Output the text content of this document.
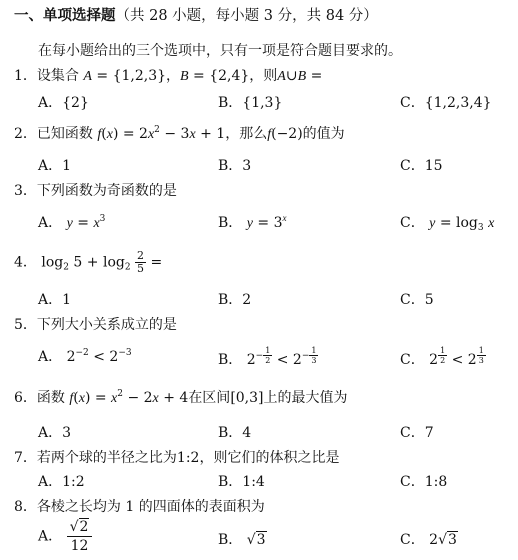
一、单项选择题（共 28 小题，每小题 3 分，共 84 分）
在每小题给出的三个选项中，只有一项是符合题目要求的。
1．设集合 A = {1,2,3}，B = {2,4}，则A∪B =
A．{2}	B．{1,3}	C．{1,2,3,4}
2．已知函数 $f(x) = 2x^2 - 3x + 1$，那么f(−2)的值为
A．1	B．3	C．15
3．下列函数为奇函数的是
A． $y = x^3$	B． $y = 3^x$	C． $y = \log_3 x$
4． $\log_2 5 + \log_2 \frac{2}{5}$ =
A．1	B．2	C．5
5．下列大小关系成立的是
A． $2^{-2} < 2^{-3}$	B． $2^{- \frac{1}{2}} < 2^{- \frac{1}{3}}$	C． 2 $^{\frac{1}{2}}$ < 2 $^{\frac{1}{3}}$
6．函数 $f(x) = x^2 - 2x + 4$在区间[0,3]上的最大值为
A．3	B．4	C．7
7．若两个球的半径之比为1:2，则它们的体积之比是
A．1:2	B．1:4	C．1:8
8．各棱之长均为 1 的四面体的表面积为
A． $\frac{√2}{12}$	B． √3	C． 2√3
